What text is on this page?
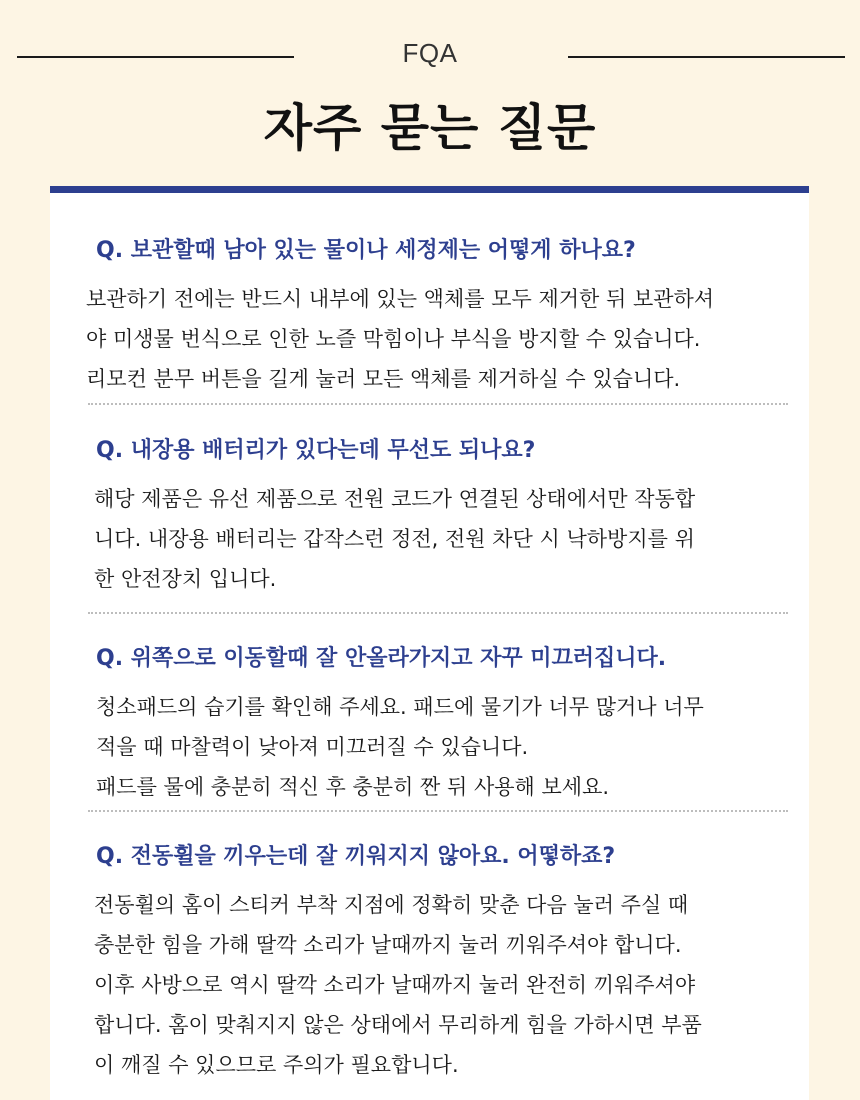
FQA
자주 묻는 질문
Q. 보관할때 남아 있는 물이나 세정제는 어떻게 하나요?
보관하기 전에는 반드시 내부에 있는 액체를 모두 제거한 뒤 보관하셔
야 미생물 번식으로 인한 노즐 막힘이나 부식을 방지할 수 있습니다.
리모컨 분무 버튼을 길게 눌러 모든 액체를 제거하실 수 있습니다.
Q. 내장용 배터리가 있다는데 무선도 되나요?
해당 제품은 유선 제품으로 전원 코드가 연결된 상태에서만 작동합
니다. 내장용 배터리는 갑작스런 정전, 전원 차단 시 낙하방지를 위
한 안전장치 입니다.
Q. 위쪽으로 이동할때 잘 안올라가지고 자꾸 미끄러집니다.
청소패드의 습기를 확인해 주세요. 패드에 물기가 너무 많거나 너무
적을 때 마찰력이 낮아져 미끄러질 수 있습니다.
패드를 물에 충분히 적신 후 충분히 짠 뒤 사용해 보세요.
Q. 전동휠을 끼우는데 잘 끼워지지 않아요. 어떻하죠?
전동휠의 홈이 스티커 부착 지점에 정확히 맞춘 다음 눌러 주실 때
충분한 힘을 가해 딸깍 소리가 날때까지 눌러 끼워주셔야 합니다.
이후 사방으로 역시 딸깍 소리가 날때까지 눌러 완전히 끼워주셔야
합니다. 홈이 맞춰지지 않은 상태에서 무리하게 힘을 가하시면 부품
이 깨질 수 있으므로 주의가 필요합니다.
